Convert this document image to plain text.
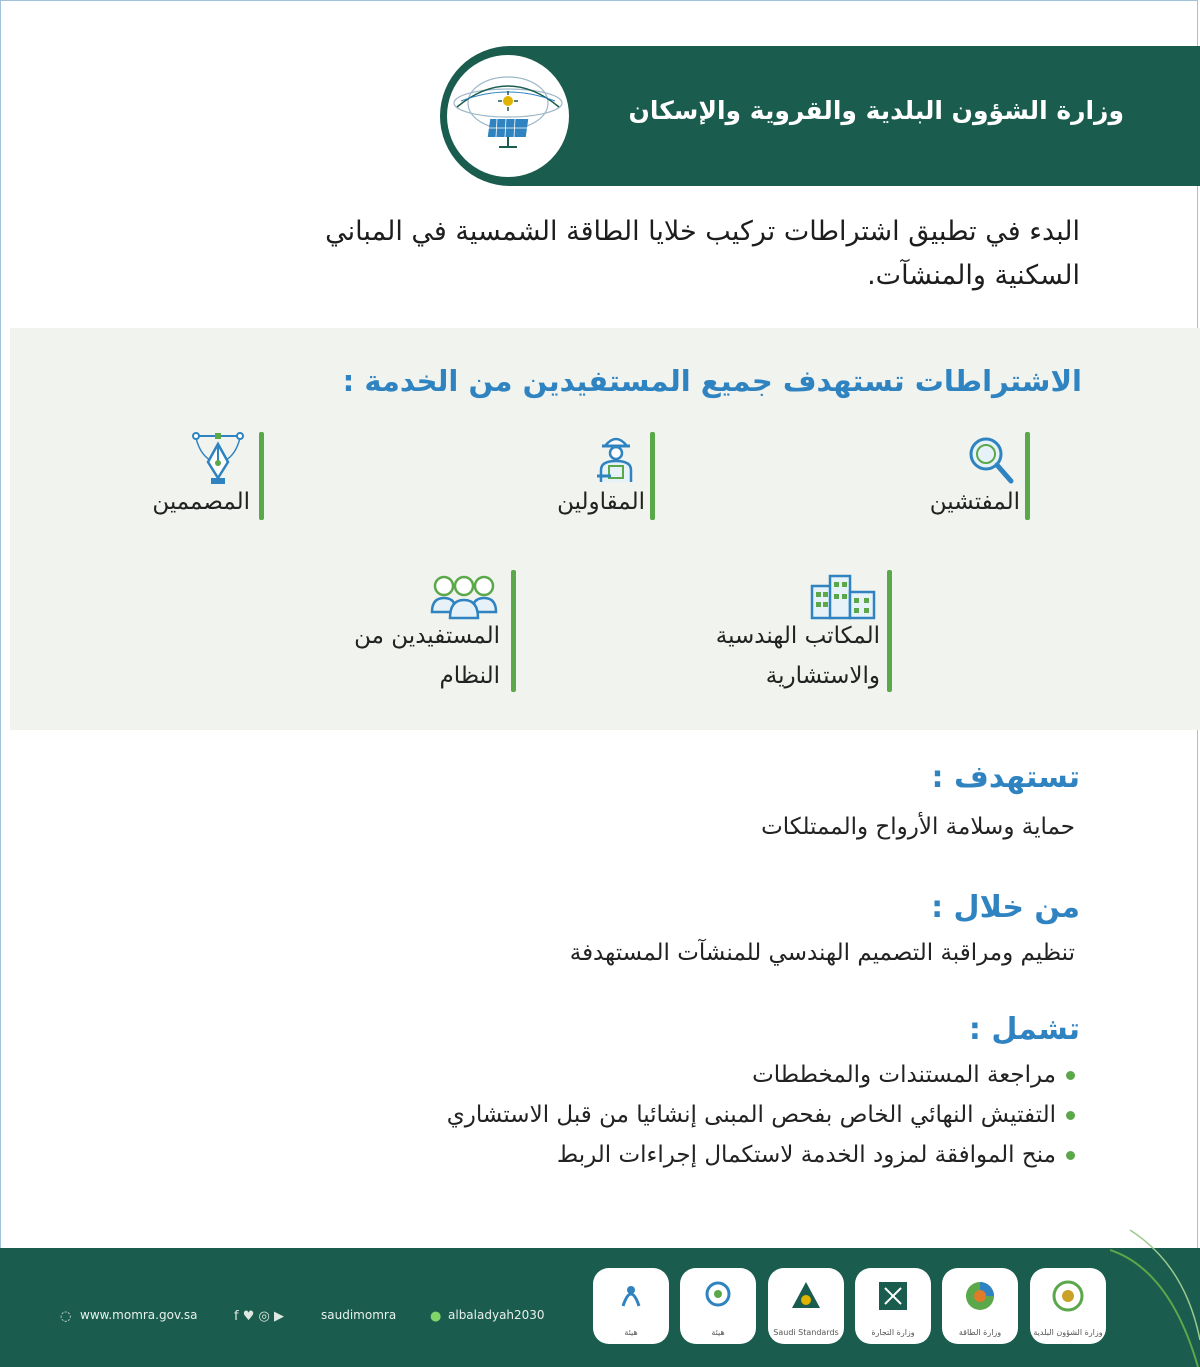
وزارة الشؤون البلدية والقروية والإسكان
البدء في تطبيق اشتراطات تركيب خلايا الطاقة الشمسية في المباني
السكنية والمنشآت.
الاشتراطات تستهدف جميع المستفيدين من الخدمة :
المفتشين
المقاولين
المصممين
المكاتب الهندسية
والاستشارية
المستفيدين من
النظام
تستهدف :
حماية وسلامة الأرواح والممتلكات
من خلال :
تنظيم ومراقبة التصميم الهندسي للمنشآت المستهدفة
تشمل :
مراجعة المستندات والمخططات
التفتيش النهائي الخاص بفحص المبنى إنشائيا من قبل الاستشاري
منح الموافقة لمزود الخدمة لاستكمال إجراءات الربط
وزارة الشؤون البلدية
وزارة الطاقة
وزارة التجارة
Saudi Standards
هيئة
هيئة
● albaladyah2030
f ♥ ◎ ▶	saudimomra
◌ www.momra.gov.sa
